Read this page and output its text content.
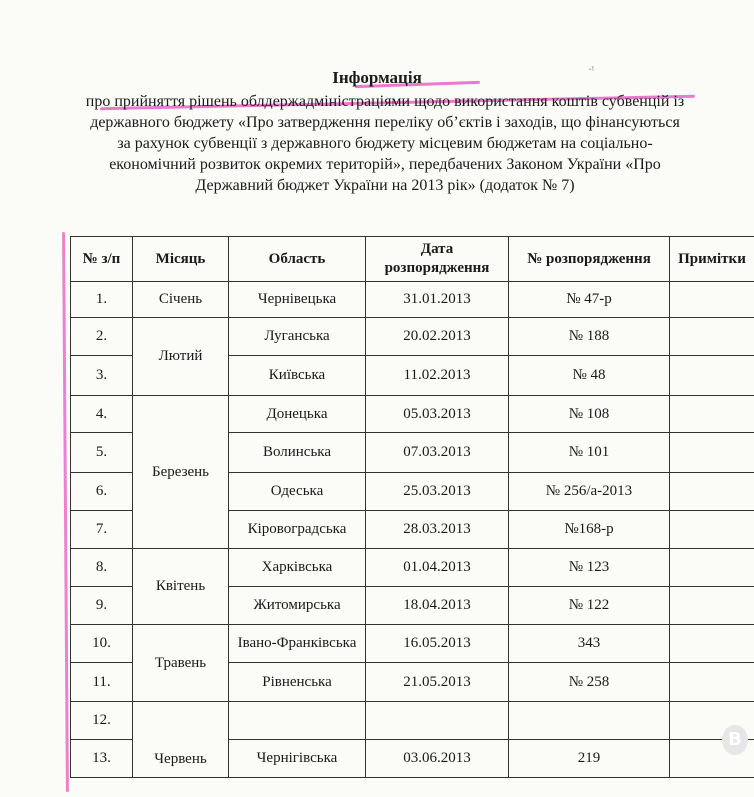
Інформація
про прийняття рішень облдержадміністраціями щодо використання коштів субвенцій із державного бюджету «Про затвердження переліку об’єктів і заходів, що фінансуються за рахунок субвенції з державного бюджету місцевим бюджетам на соціально-економічний розвиток окремих територій», передбачених Законом України «Про Державний бюджет України на 2013 рік» (додаток № 7)
·ᵎ
№ з/п	Місяць	Область	Дата розпорядження	№ розпорядження	Примітки
1.	Січень	Чернівецька	31.01.2013	№ 47-р	
2.	Лютий	Луганська	20.02.2013	№ 188	
3.		Київська	11.02.2013	№ 48	
4.	Березень	Донецька	05.03.2013	№ 108	
5.		Волинська	07.03.2013	№ 101	
6.		Одеська	25.03.2013	№ 256/а-2013	
7.		Кіровоградська	28.03.2013	№168-р	
8.	Квітень	Харківська	01.04.2013	№ 123	
9.		Житомирська	18.04.2013	№ 122	
10.	Травень	Івано-Франківська	16.05.2013	343	
11.		Рівненська	21.05.2013	№ 258	
12.	Червень				
13.		Чернігівська	03.06.2013	219	
В
